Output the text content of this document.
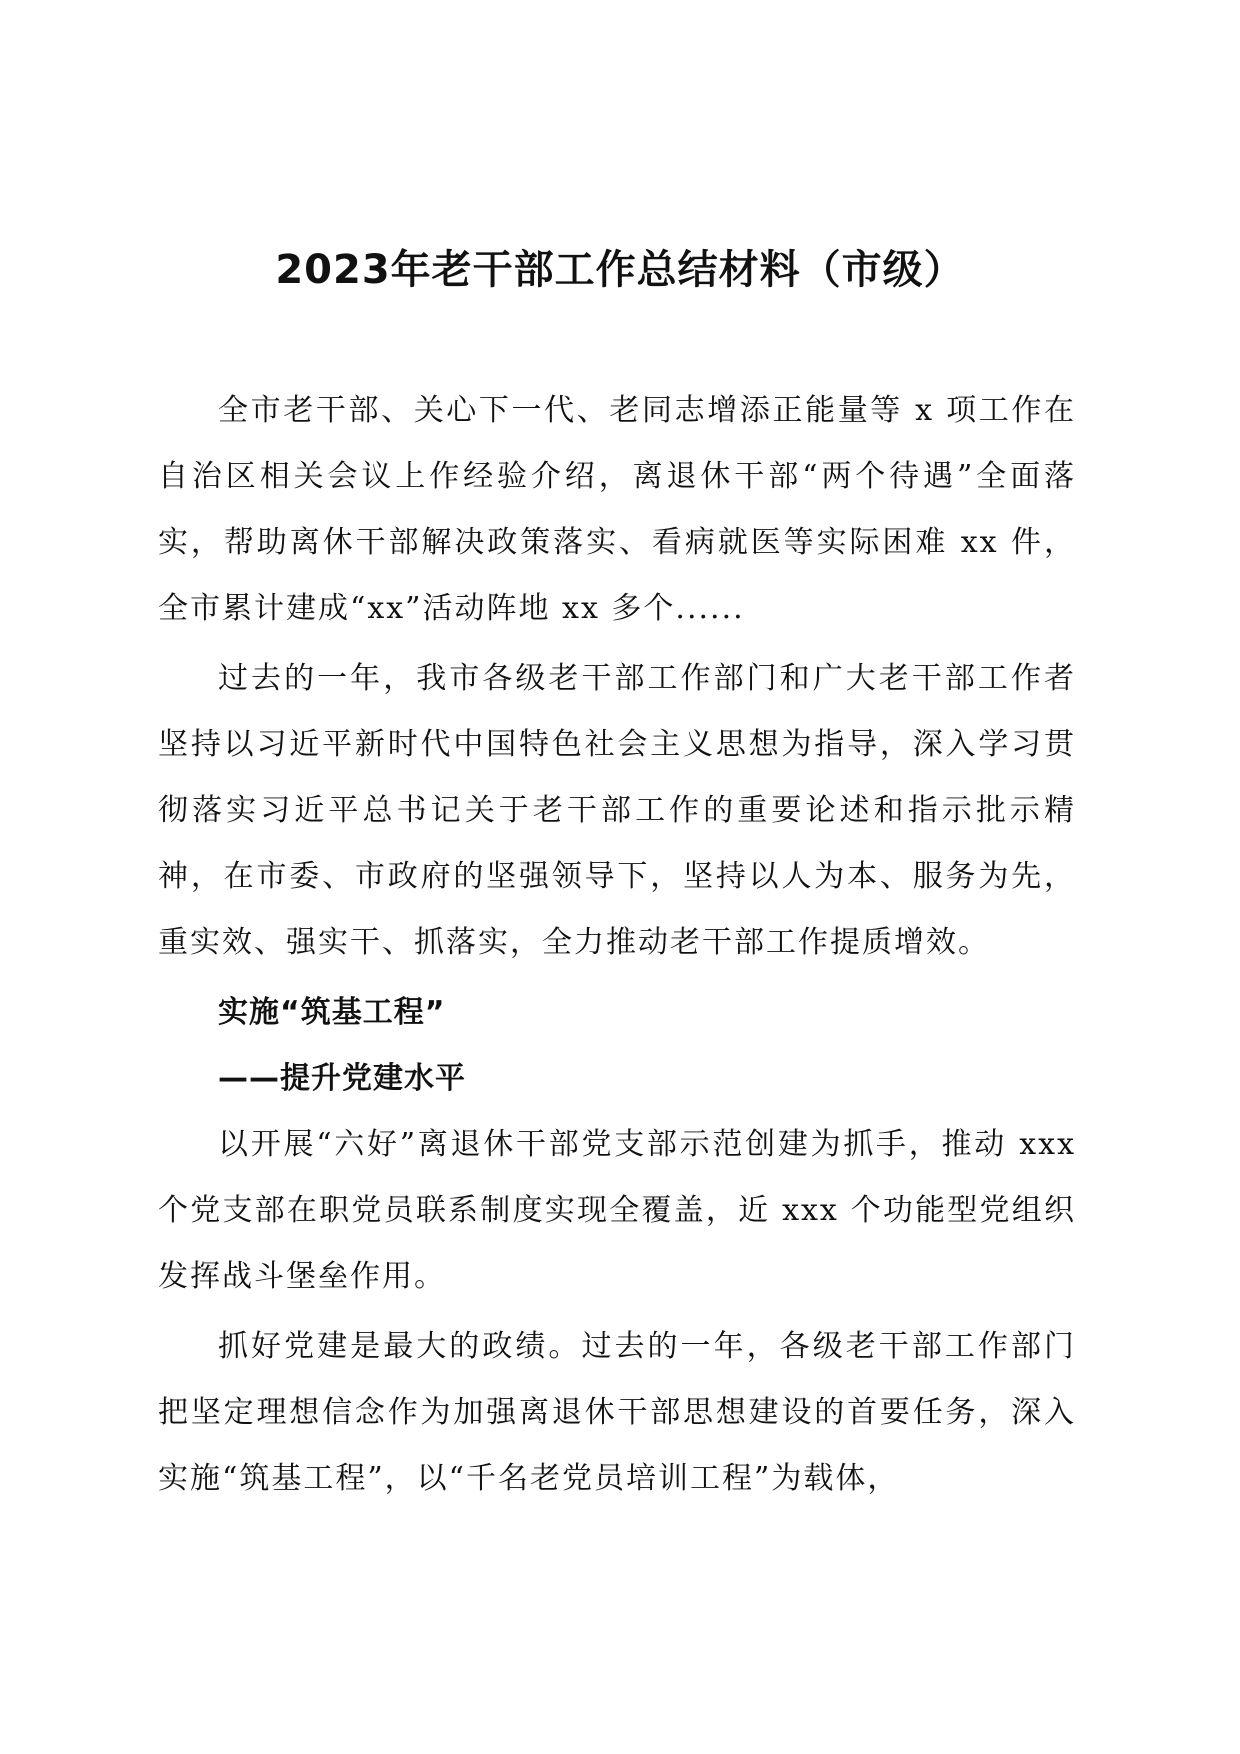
2023年老干部工作总结材料（市级）

全市老干部、关心下一代、老同志增添正能量等 x 项工作在自治区相关会议上作经验介绍，离退休干部“两个待遇”全面落实，帮助离休干部解决政策落实、看病就医等实际困难 xx 件，全市累计建成“xx”活动阵地 xx 多个......

过去的一年，我市各级老干部工作部门和广大老干部工作者坚持以习近平新时代中国特色社会主义思想为指导，深入学习贯彻落实习近平总书记关于老干部工作的重要论述和指示批示精神，在市委、市政府的坚强领导下，坚持以人为本、服务为先，重实效、强实干、抓落实，全力推动老干部工作提质增效。

实施“筑基工程”

——提升党建水平

以开展“六好”离退休干部党支部示范创建为抓手，推动 xxx 个党支部在职党员联系制度实现全覆盖，近 xxx 个功能型党组织发挥战斗堡垒作用。

抓好党建是最大的政绩。过去的一年，各级老干部工作部门把坚定理想信念作为加强离退休干部思想建设的首要任务，深入实施“筑基工程”，以“千名老党员培训工程”为载体，
